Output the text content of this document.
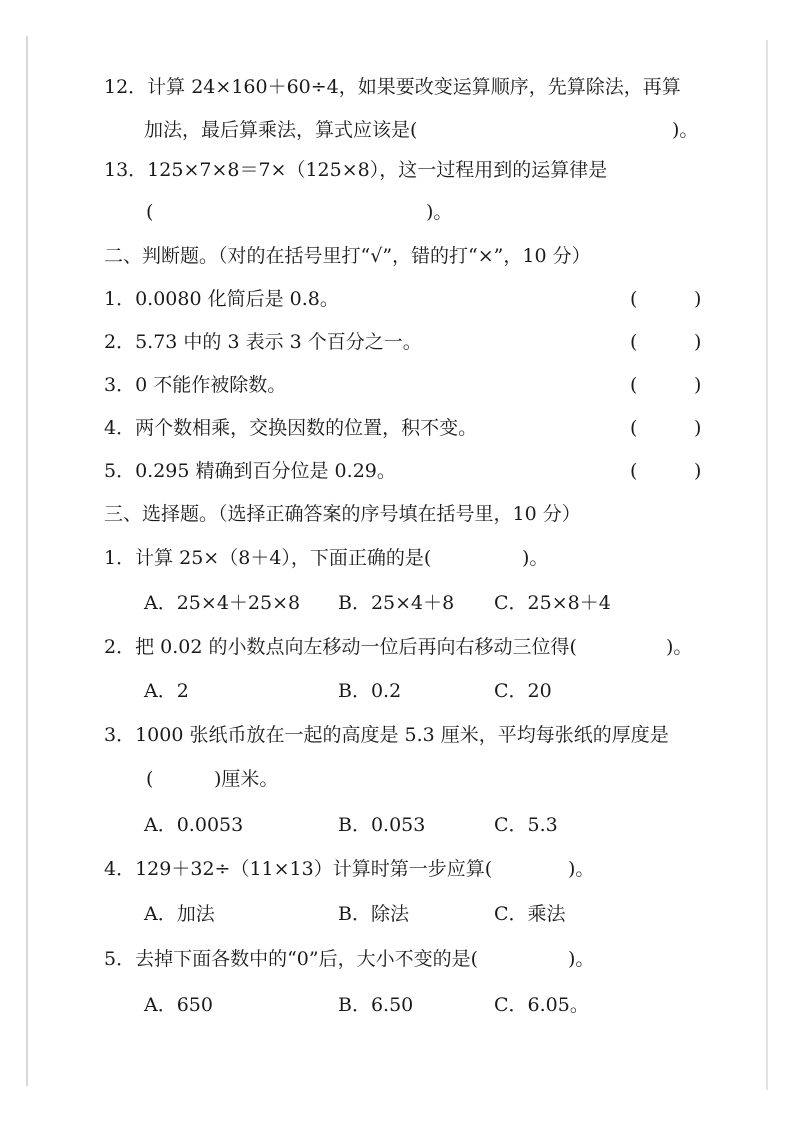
12．计算 24×160＋60÷4，如果要改变运算顺序，先算除法，再算
加法，最后算乘法，算式应该是(	)。
13．125×7×8＝7×（125×8），这一过程用到的运算律是
(	)。
二、判断题。（对的在括号里打“√”，错的打“×”，10 分）
1．0.0080 化简后是 0.8。	(	)
2．5.73 中的 3 表示 3 个百分之一。	(	)
3．0 不能作被除数。	(	)
4．两个数相乘，交换因数的位置，积不变。	(	)
5．0.295 精确到百分位是 0.29。	(	)
三、选择题。（选择正确答案的序号填在括号里，10 分）
1．计算 25×（8＋4），下面正确的是(	)。
A．25×4＋25×8 B．25×4＋8 C．25×8＋4
2．把 0.02 的小数点向左移动一位后再向右移动三位得(	)。
A．2	B．0.2	C．20
3．1000 张纸币放在一起的高度是 5.3 厘米，平均每张纸的厚度是
(	)厘米。
A．0.0053	B．0.053	C．5.3
4．129＋32÷（11×13）计算时第一步应算(	)。
A．加法	B．除法	C．乘法
5．去掉下面各数中的“0”后，大小不变的是(	)。
A．650	B．6.50	C．6.05。
